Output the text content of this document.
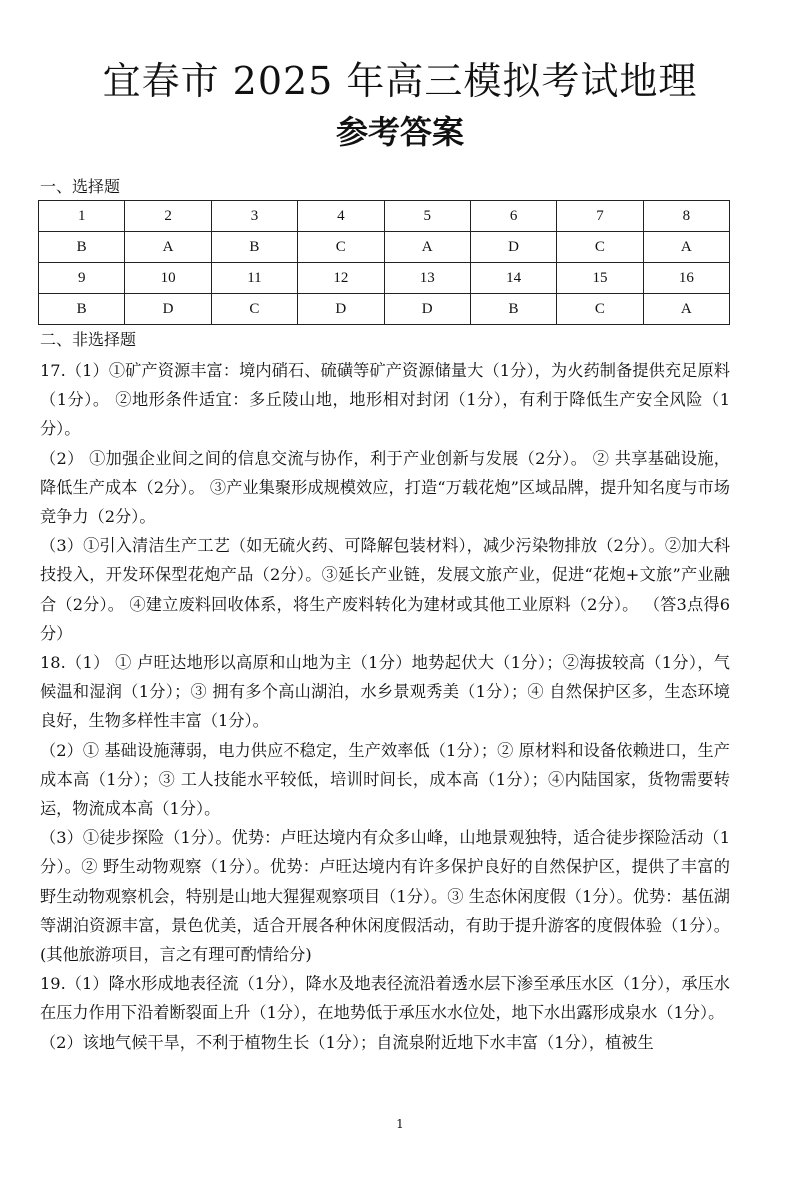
宜春市 2025 年高三模拟考试地理
参考答案
一、选择题
1	2	3	4	5	6	7	8
B	A	B	C	A	D	C	A
9	10	11	12	13	14	15	16
B	D	C	D	D	B	C	A
二、非选择题

17.（1）①矿产资源丰富：境内硝石、硫磺等矿产资源储量大（1分），为火药制备提供充足原料（1分）。 ②地形条件适宜：多丘陵山地，地形相对封闭（1分），有利于降低生产安全风险（1分）。

（2） ①加强企业间之间的信息交流与协作，利于产业创新与发展（2分）。 ② 共享基础设施，降低生产成本（2分）。 ③产业集聚形成规模效应，打造“万载花炮”区域品牌，提升知名度与市场竞争力（2分）。

（3）①引入清洁生产工艺（如无硫火药、可降解包装材料），减少污染物排放（2分）。②加大科技投入，开发环保型花炮产品（2分）。③延长产业链，发展文旅产业，促进“花炮+文旅”产业融合（2分）。 ④建立废料回收体系，将生产废料转化为建材或其他工业原料（2分）。 （答3点得6分）

18.（1） ① 卢旺达地形以高原和山地为主（1分）地势起伏大（1分）；②海拔较高（1分），气候温和湿润（1分）；③ 拥有多个高山湖泊，水乡景观秀美（1分）；④ 自然保护区多，生态环境良好，生物多样性丰富（1分）。

（2）① 基础设施薄弱，电力供应不稳定，生产效率低（1分）；② 原材料和设备依赖进口，生产成本高（1分）；③ 工人技能水平较低，培训时间长，成本高（1分）；④内陆国家，货物需要转运，物流成本高（1分）。

（3）①徒步探险（1分）。优势：卢旺达境内有众多山峰，山地景观独特，适合徒步探险活动（1分）。② 野生动物观察（1分）。优势：卢旺达境内有许多保护良好的自然保护区，提供了丰富的野生动物观察机会，特别是山地大猩猩观察项目（1分）。③ 生态休闲度假（1分）。优势：基伍湖等湖泊资源丰富，景色优美，适合开展各种休闲度假活动，有助于提升游客的度假体验（1分）。(其他旅游项目，言之有理可酌情给分)

19.（1）降水形成地表径流（1分），降水及地表径流沿着透水层下渗至承压水区（1分），承压水在压力作用下沿着断裂面上升（1分），在地势低于承压水水位处，地下水出露形成泉水（1分）。

（2）该地气候干旱，不利于植物生长（1分）；自流泉附近地下水丰富（1分），植被生

1
